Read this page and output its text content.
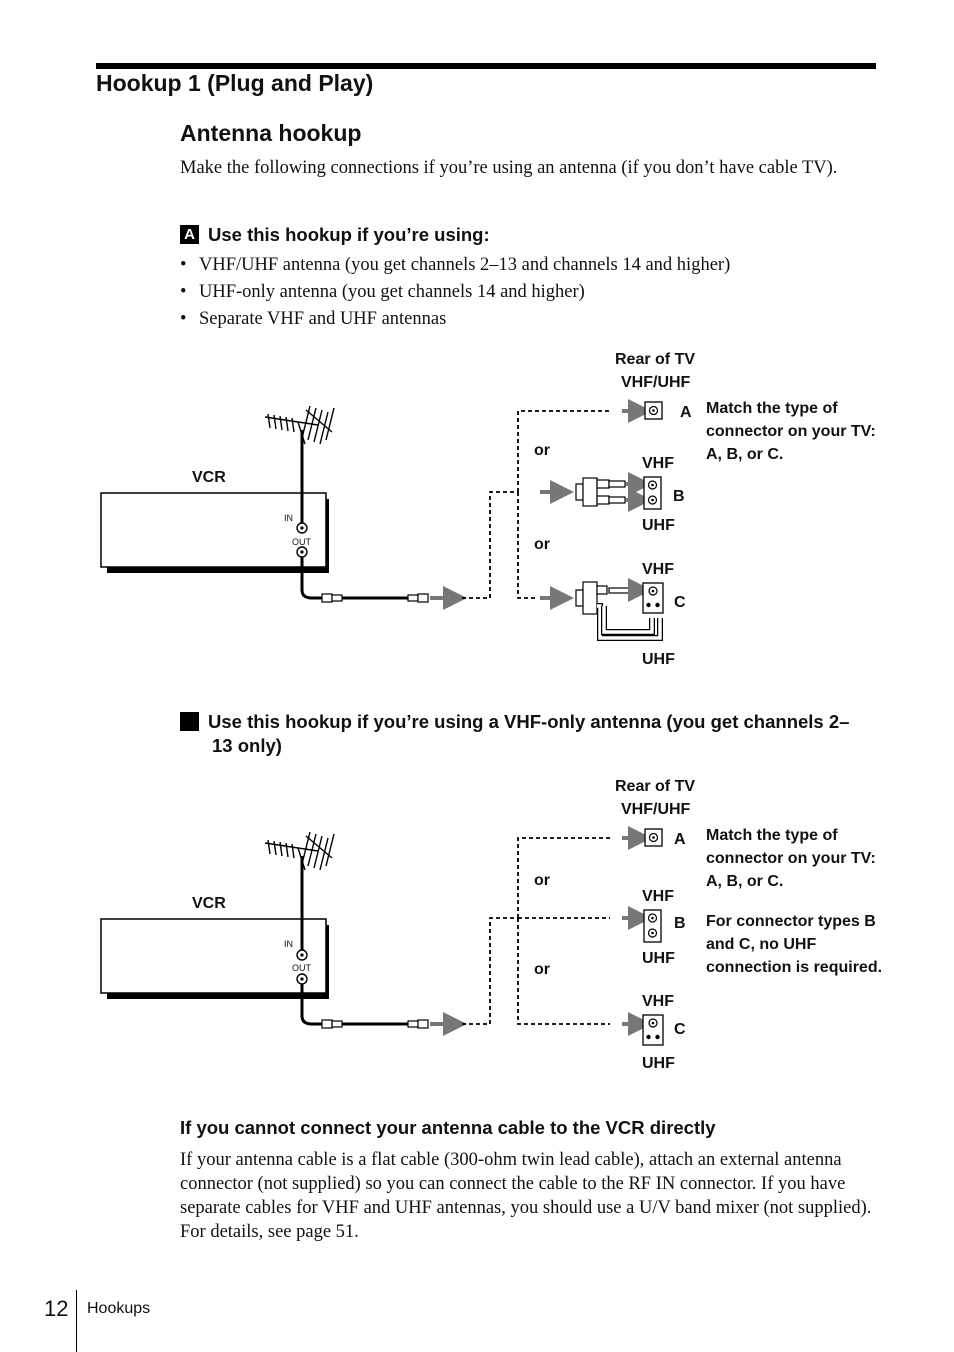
Hookup 1 (Plug and Play)
Antenna hookup
Make the following connections if you’re using an antenna (if you don’t have cable TV).
A Use this hookup if you’re using:
• VHF/UHF antenna (you get channels 2–13 and channels 14 and higher)
• UHF-only antenna (you get channels 14 and higher)
• Separate VHF and UHF antennas
Rear of TV
VHF/UHF
VCR
IN
OUT
or
or
A
VHF
B
UHF
VHF
C
UHF
Match the type of connector on your TV: A, B, or C.
B Use this hookup if you’re using a VHF-only antenna (you get channels 2–13 only)
Rear of TV
VHF/UHF
VCR
IN
OUT
or
or
A
VHF
B
UHF
VHF
C
UHF
Match the type of connector on your TV: A, B, or C.
For connector types B and C, no UHF connection is required.
If you cannot connect your antenna cable to the VCR directly
If your antenna cable is a flat cable (300-ohm twin lead cable), attach an external antenna connector (not supplied) so you can connect the cable to the RF IN connector. If you have separate cables for VHF and UHF antennas, you should use a U/V band mixer (not supplied). For details, see page 51.
12 Hookups
